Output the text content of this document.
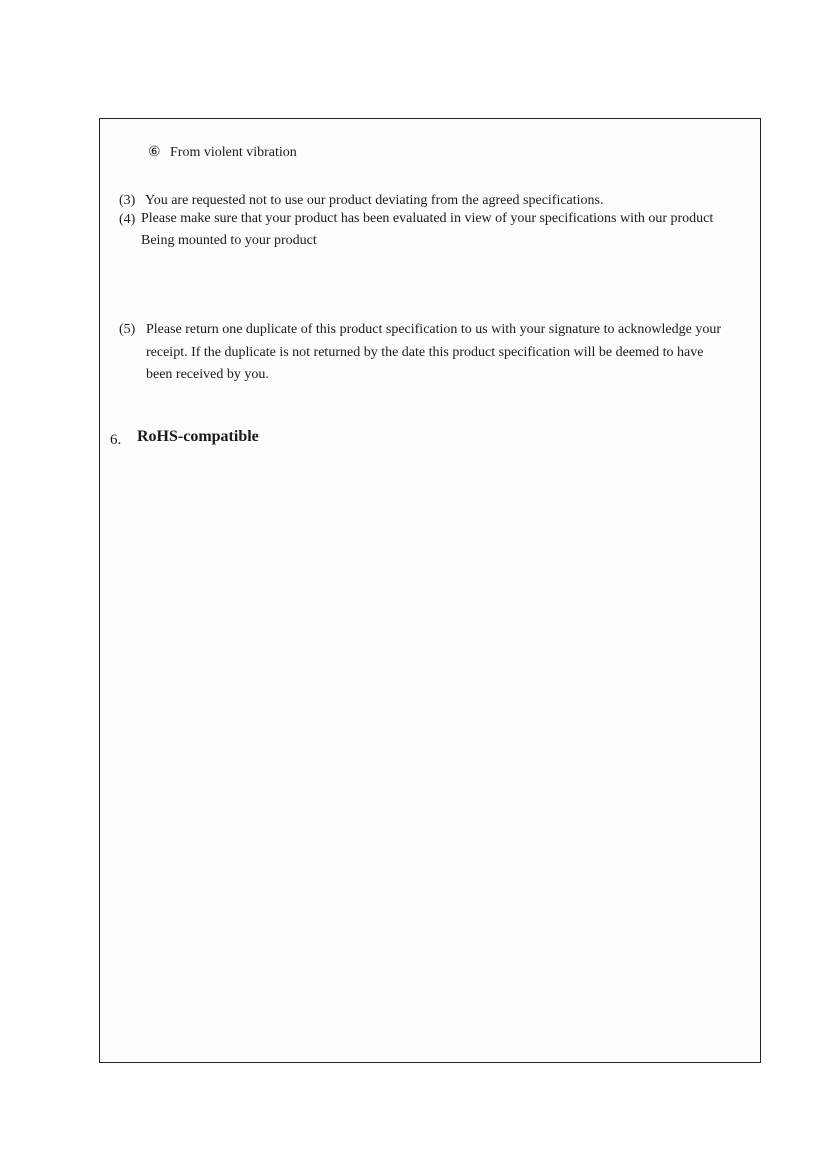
⑥ From violent vibration
(3) You are requested not to use our product deviating from the agreed specifications.
(4) Please make sure that your product has been evaluated in view of your specifications with our product
Being mounted to your product
(5) Please return one duplicate of this product specification to us with your signature to acknowledge your
receipt. If the duplicate is not returned by the date this product specification will be deemed to have
been received by you.
6. RoHS-compatible
